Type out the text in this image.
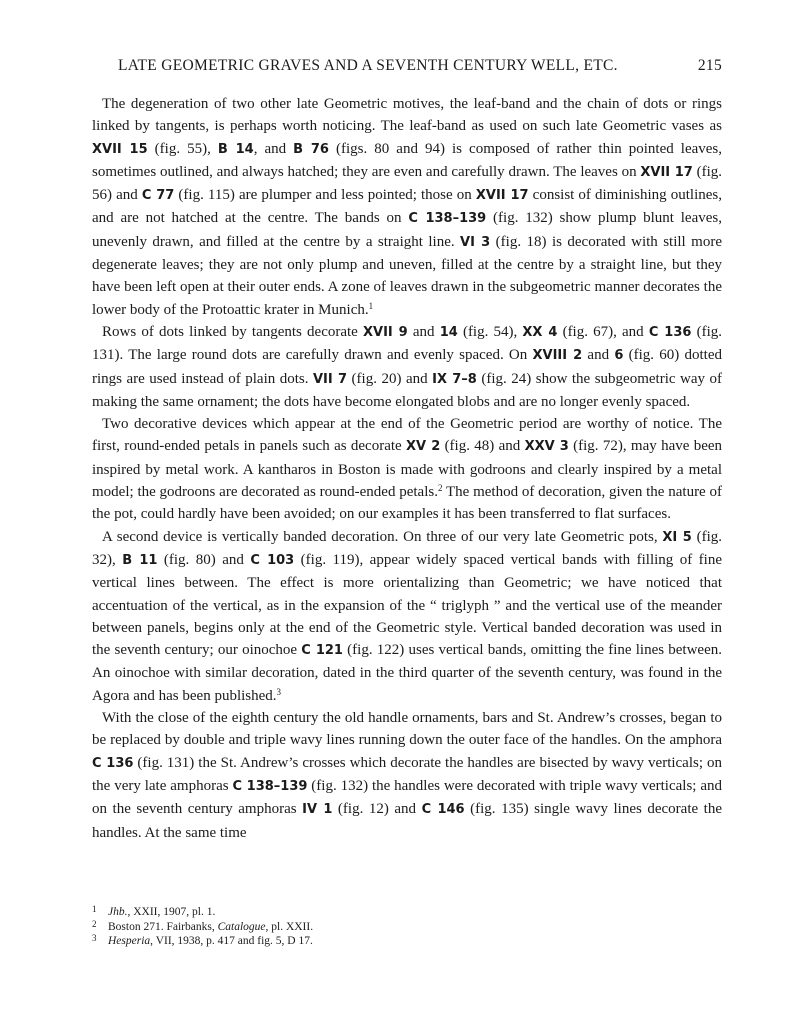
LATE GEOMETRIC GRAVES AND A SEVENTH CENTURY WELL, ETC.	215

The degeneration of two other late Geometric motives, the leaf-band and the chain of dots or rings linked by tangents, is perhaps worth noticing. The leaf-band as used on such late Geometric vases as XVII 15 (fig. 55), B 14, and B 76 (figs. 80 and 94) is composed of rather thin pointed leaves, sometimes outlined, and always hatched; they are even and carefully drawn. The leaves on XVII 17 (fig. 56) and C 77 (fig. 115) are plumper and less pointed; those on XVII 17 consist of diminishing outlines, and are not hatched at the centre. The bands on C 138–139 (fig. 132) show plump blunt leaves, unevenly drawn, and filled at the centre by a straight line. VI 3 (fig. 18) is decorated with still more degenerate leaves; they are not only plump and uneven, filled at the centre by a straight line, but they have been left open at their outer ends. A zone of leaves drawn in the subgeometric manner decorates the lower body of the Protoattic krater in Munich.$^1$

Rows of dots linked by tangents decorate XVII 9 and 14 (fig. 54), XX 4 (fig. 67), and C 136 (fig. 131). The large round dots are carefully drawn and evenly spaced. On XVIII 2 and 6 (fig. 60) dotted rings are used instead of plain dots. VII 7 (fig. 20) and IX 7–8 (fig. 24) show the subgeometric way of making the same ornament; the dots have become elongated blobs and are no longer evenly spaced.

Two decorative devices which appear at the end of the Geometric period are worthy of notice. The first, round-ended petals in panels such as decorate XV 2 (fig. 48) and XXV 3 (fig. 72), may have been inspired by metal work. A kantharos in Boston is made with godroons and clearly inspired by a metal model; the godroons are decorated as round-ended petals.$^2$ The method of decoration, given the nature of the pot, could hardly have been avoided; on our examples it has been transferred to flat surfaces.

A second device is vertically banded decoration. On three of our very late Geometric pots, XI 5 (fig. 32), B 11 (fig. 80) and C 103 (fig. 119), appear widely spaced vertical bands with filling of fine vertical lines between. The effect is more orientalizing than Geometric; we have noticed that accentuation of the vertical, as in the expansion of the “ triglyph ” and the vertical use of the meander between panels, begins only at the end of the Geometric style. Vertical banded decoration was used in the seventh century; our oinochoe C 121 (fig. 122) uses vertical bands, omitting the fine lines between. An oinochoe with similar decoration, dated in the third quarter of the seventh century, was found in the Agora and has been published.$^3$

With the close of the eighth century the old handle ornaments, bars and St. Andrew’s crosses, began to be replaced by double and triple wavy lines running down the outer face of the handles. On the amphora C 136 (fig. 131) the St. Andrew’s crosses which decorate the handles are bisected by wavy verticals; on the very late amphoras C 138–139 (fig. 132) the handles were decorated with triple wavy verticals; and on the seventh century amphoras IV 1 (fig. 12) and C 146 (fig. 135) single wavy lines decorate the handles. At the same time

1 Jhb., XXII, 1907, pl. 1.
2 Boston 271. Fairbanks, Catalogue, pl. XXII.
3 Hesperia, VII, 1938, p. 417 and fig. 5, D 17.
